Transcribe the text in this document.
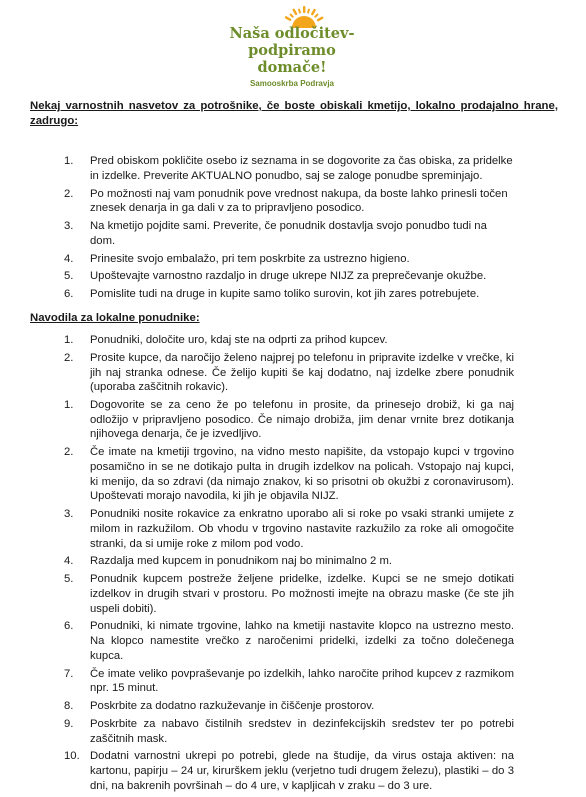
Naša odločitev-
podpiramo domače!
Samooskrba Podravja
Nekaj varnostnih nasvetov za potrošnike, če boste obiskali kmetijo, lokalno prodajalno hrane, zadrugo:
1.	Pred obiskom pokličite osebo iz seznama in se dogovorite za čas obiska, za pridelke in izdelke. Preverite AKTUALNO ponudbo, saj se zaloge ponudbe spreminjajo.
2.	Po možnosti naj vam ponudnik pove vrednost nakupa, da boste lahko prinesli točen znesek denarja in ga dali v za to pripravljeno posodico.
3.	Na kmetijo pojdite sami. Preverite, če ponudnik dostavlja svojo ponudbo tudi na dom.
4.	Prinesite svojo embalažo, pri tem poskrbite za ustrezno higieno.
5.	Upoštevajte varnostno razdaljo in druge ukrepe NIJZ za preprečevanje okužbe.
6.	Pomislite tudi na druge in kupite samo toliko surovin, kot jih zares potrebujete.
Navodila za lokalne ponudnike:
1.	Ponudniki, določite uro, kdaj ste na odprti za prihod kupcev.
2.	Prosite kupce, da naročijo želeno najprej po telefonu in pripravite izdelke v vrečke, ki jih naj stranka odnese. Če želijo kupiti še kaj dodatno, naj izdelke zbere ponudnik (uporaba zaščitnih rokavic).
1.	Dogovorite se za ceno že po telefonu in prosite, da prinesejo drobiž, ki ga naj odložijo v pripravljeno posodico. Če nimajo drobiža, jim denar vrnite brez dotikanja njihovega denarja, če je izvedljivo.
2.	Če imate na kmetiji trgovino, na vidno mesto napišite, da vstopajo kupci v trgovino posamično in se ne dotikajo pulta in drugih izdelkov na policah. Vstopajo naj kupci, ki menijo, da so zdravi (da nimajo znakov, ki so prisotni ob okužbi z coronavirusom). Upoštevati morajo navodila, ki jih je objavila NIJZ.
3.	Ponudniki nosite rokavice za enkratno uporabo ali si roke po vsaki stranki umijete z milom in razkužilom. Ob vhodu v trgovino nastavite razkužilo za roke ali omogočite stranki, da si umije roke z milom pod vodo.
4.	Razdalja med kupcem in ponudnikom naj bo minimalno 2 m.
5.	Ponudnik kupcem postreže željene pridelke, izdelke. Kupci se ne smejo dotikati izdelkov in drugih stvari v prostoru. Po možnosti imejte na obrazu maske (če ste jih uspeli dobiti).
6.	Ponudniki, ki nimate trgovine, lahko na kmetiji nastavite klopco na ustrezno mesto. Na klopco namestite vrečko z naročenimi pridelki, izdelki za točno dolečenega kupca.
7.	Če imate veliko povpraševanje po izdelkih, lahko naročite prihod kupcev z razmikom npr. 15 minut.
8.	Poskrbite za dodatno razkuževanje in čiščenje prostorov.
9.	Poskrbite za nabavo čistilnih sredstev in dezinfekcijskih sredstev ter po potrebi zaščitnih mask.
10. Dodatni varnostni ukrepi po potrebi, glede na študije, da virus ostaja aktiven: na kartonu, papirju – 24 ur, kirurškem jeklu (verjetno tudi drugem železu), plastiki – do 3 dni, na bakrenih površinah – do 4 ure, v kapljicah v zraku – do 3 ure.
